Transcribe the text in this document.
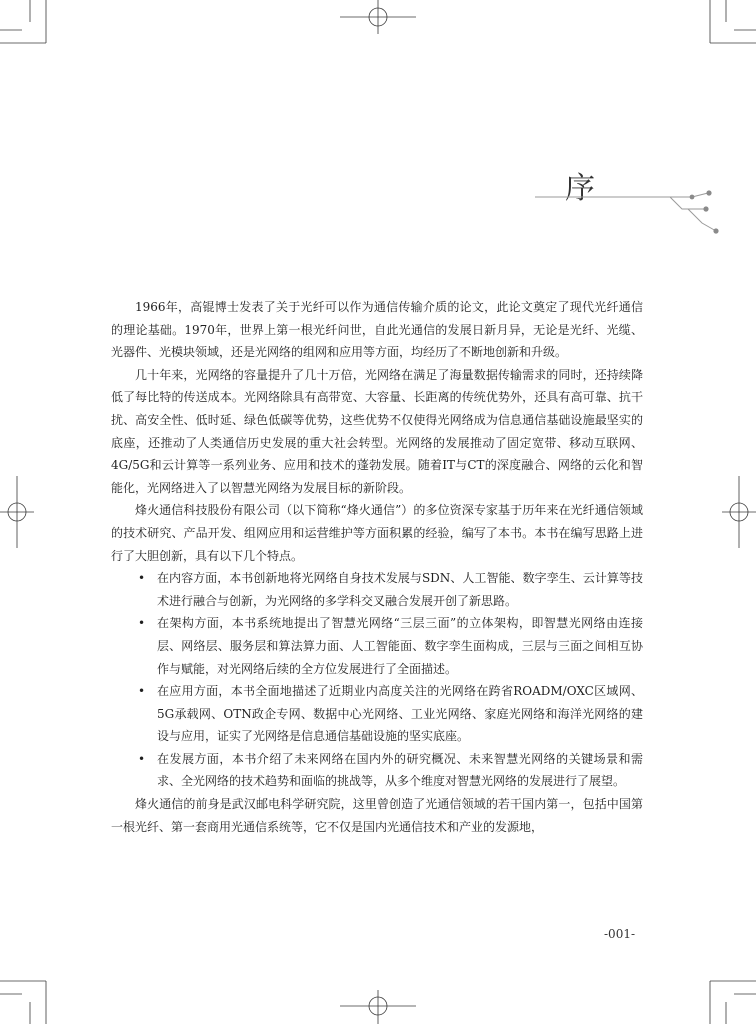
序

1966年，高锟博士发表了关于光纤可以作为通信传输介质的论文，此论文奠定了现代光纤通信的理论基础。1970年，世界上第一根光纤问世，自此光通信的发展日新月异，无论是光纤、光缆、光器件、光模块领域，还是光网络的组网和应用等方面，均经历了不断地创新和升级。

几十年来，光网络的容量提升了几十万倍，光网络在满足了海量数据传输需求的同时，还持续降低了每比特的传送成本。光网络除具有高带宽、大容量、长距离的传统优势外，还具有高可靠、抗干扰、高安全性、低时延、绿色低碳等优势，这些优势不仅使得光网络成为信息通信基础设施最坚实的底座，还推动了人类通信历史发展的重大社会转型。光网络的发展推动了固定宽带、移动互联网、4G/5G和云计算等一系列业务、应用和技术的蓬勃发展。随着IT与CT的深度融合、网络的云化和智能化，光网络进入了以智慧光网络为发展目标的新阶段。

烽火通信科技股份有限公司（以下简称“烽火通信”）的多位资深专家基于历年来在光纤通信领域的技术研究、产品开发、组网应用和运营维护等方面积累的经验，编写了本书。本书在编写思路上进行了大胆创新，具有以下几个特点。

• 在内容方面，本书创新地将光网络自身技术发展与SDN、人工智能、数字孪生、云计算等技术进行融合与创新，为光网络的多学科交叉融合发展开创了新思路。
• 在架构方面，本书系统地提出了智慧光网络“三层三面”的立体架构，即智慧光网络由连接层、网络层、服务层和算法算力面、人工智能面、数字孪生面构成，三层与三面之间相互协作与赋能，对光网络后续的全方位发展进行了全面描述。
• 在应用方面，本书全面地描述了近期业内高度关注的光网络在跨省ROADM/OXC区域网、5G承载网、OTN政企专网、数据中心光网络、工业光网络、家庭光网络和海洋光网络的建设与应用，证实了光网络是信息通信基础设施的坚实底座。
• 在发展方面，本书介绍了未来网络在国内外的研究概况、未来智慧光网络的关键场景和需求、全光网络的技术趋势和面临的挑战等，从多个维度对智慧光网络的发展进行了展望。

烽火通信的前身是武汉邮电科学研究院，这里曾创造了光通信领域的若干国内第一，包括中国第一根光纤、第一套商用光通信系统等，它不仅是国内光通信技术和产业的发源地，

-001-
